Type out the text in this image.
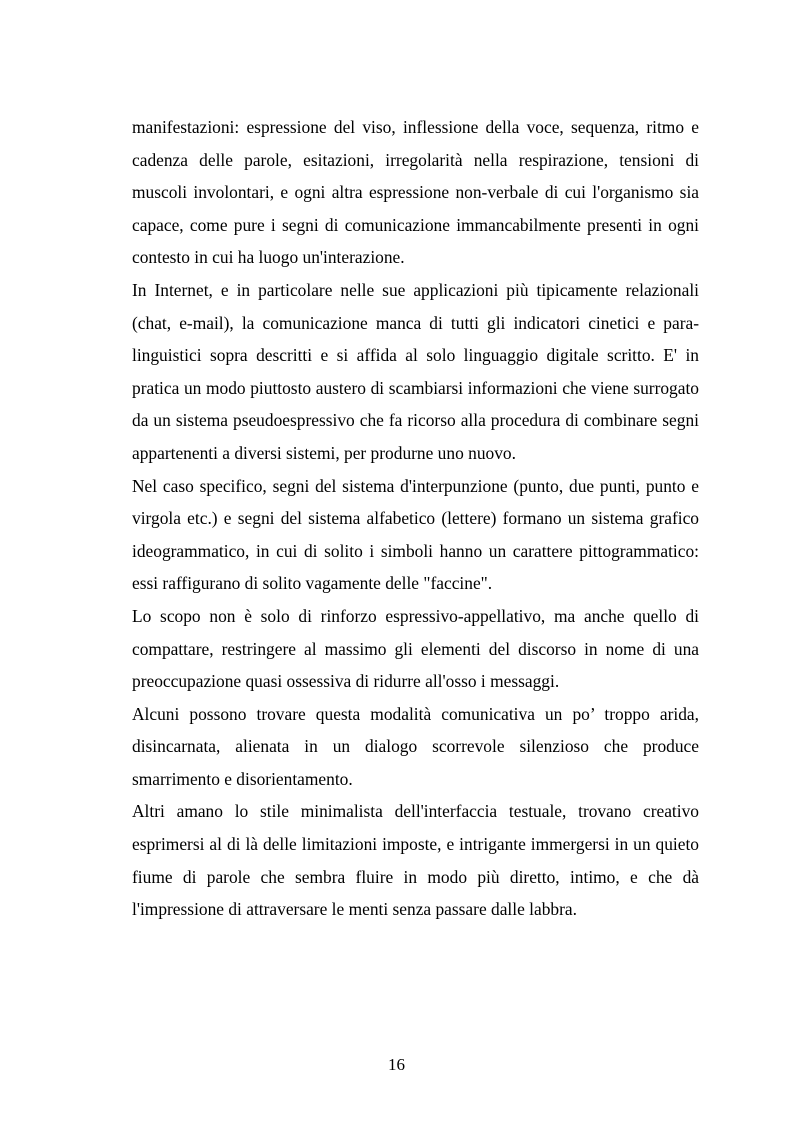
manifestazioni: espressione del viso, inflessione della voce, sequenza, ritmo e cadenza delle parole, esitazioni, irregolarità nella respirazione, tensioni di muscoli involontari, e ogni altra espressione non-verbale di cui l'organismo sia capace, come pure i segni di comunicazione immancabilmente presenti in ogni contesto in cui ha luogo un'interazione.

In Internet, e in particolare nelle sue applicazioni più tipicamente relazionali (chat, e-mail), la comunicazione manca di tutti gli indicatori cinetici e para-linguistici sopra descritti e si affida al solo linguaggio digitale scritto. E' in pratica un modo piuttosto austero di scambiarsi informazioni che viene surrogato da un sistema pseudoespressivo che fa ricorso alla procedura di combinare segni appartenenti a diversi sistemi, per produrne uno nuovo.

Nel caso specifico, segni del sistema d'interpunzione (punto, due punti, punto e virgola etc.) e segni del sistema alfabetico (lettere) formano un sistema grafico ideogrammatico, in cui di solito i simboli hanno un carattere pittogrammatico: essi raffigurano di solito vagamente delle "faccine".

Lo scopo non è solo di rinforzo espressivo-appellativo, ma anche quello di compattare, restringere al massimo gli elementi del discorso in nome di una preoccupazione quasi ossessiva di ridurre all'osso i messaggi.

Alcuni possono trovare questa modalità comunicativa un po’ troppo arida, disincarnata, alienata in un dialogo scorrevole silenzioso che produce smarrimento e disorientamento.

Altri amano lo stile minimalista dell'interfaccia testuale, trovano creativo esprimersi al di là delle limitazioni imposte, e intrigante immergersi in un quieto fiume di parole che sembra fluire in modo più diretto, intimo, e che dà l'impressione di attraversare le menti senza passare dalle labbra.

16
